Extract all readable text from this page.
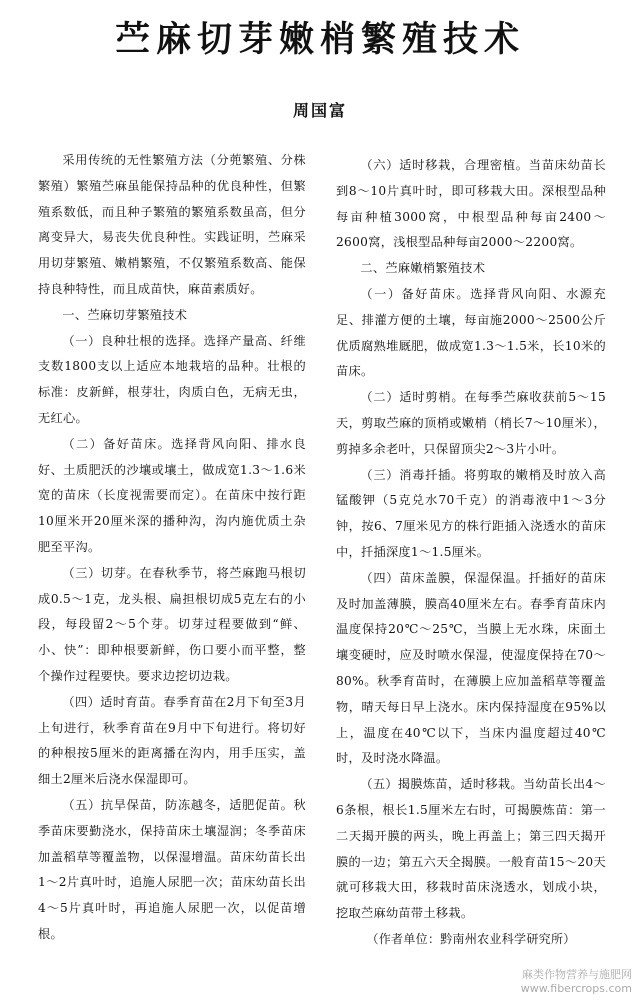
苎麻切芽嫩梢繁殖技术
周国富

采用传统的无性繁殖方法（分蔸繁殖、分株繁殖）繁殖苎麻虽能保持品种的优良种性，但繁殖系数低，而且种子繁殖的繁殖系数虽高，但分离变异大，易丧失优良种性。实践证明，苎麻采用切芽繁殖、嫩梢繁殖，不仅繁殖系数高、能保持良种特性，而且成苗快，麻苗素质好。

一、苎麻切芽繁殖技术

（一）良种壮根的选择。选择产量高、纤维支数1800支以上适应本地栽培的品种。壮根的标准：皮新鲜，根芽壮，肉质白色，无病无虫，无红心。

（二）备好苗床。选择背风向阳、排水良好、土质肥沃的沙壤或壤土，做成宽1.3～1.6米宽的苗床（长度视需要而定）。在苗床中按行距10厘米开20厘米深的播种沟，沟内施优质土杂肥至平沟。

（三）切芽。在春秋季节，将苎麻跑马根切成0.5～1克，龙头根、扁担根切成5克左右的小段，每段留2～5个芽。切芽过程要做到“鲜、小、快”：即种根要新鲜，伤口要小而平整，整个操作过程要快。要求边挖切边栽。

（四）适时育苗。春季育苗在2月下旬至3月上旬进行，秋季育苗在9月中下旬进行。将切好的种根按5厘米的距离播在沟内，用手压实，盖细土2厘米后浇水保湿即可。

（五）抗旱保苗，防冻越冬，适肥促苗。秋季苗床要勤浇水，保持苗床土壤湿润；冬季苗床加盖稻草等覆盖物，以保湿增温。苗床幼苗长出1～2片真叶时，追施人尿肥一次；苗床幼苗长出4～5片真叶时，再追施人尿肥一次，以促苗增根。

（六）适时移栽，合理密植。当苗床幼苗长到8～10片真叶时，即可移栽大田。深根型品种每亩种植3000窝，中根型品种每亩2400～2600窝，浅根型品种每亩2000～2200窝。

二、苎麻嫩梢繁殖技术

（一）备好苗床。选择背风向阳、水源充足、排灌方便的土壤，每亩施2000～2500公斤优质腐熟堆厩肥，做成宽1.3～1.5米，长10米的苗床。

（二）适时剪梢。在每季苎麻收获前5～15天，剪取苎麻的顶梢或嫩梢（梢长7～10厘米），剪掉多余老叶，只保留顶尖2～3片小叶。

（三）消毒扦插。将剪取的嫩梢及时放入高锰酸钾（5克兑水70千克）的消毒液中1～3分钟，按6、7厘米见方的株行距插入浇透水的苗床中，扦插深度1～1.5厘米。

（四）苗床盖膜，保湿保温。扦插好的苗床及时加盖薄膜，膜高40厘米左右。春季育苗床内温度保持20℃～25℃，当膜上无水珠，床面土壤变硬时，应及时喷水保湿，使湿度保持在70～80%。秋季育苗时，在薄膜上应加盖稻草等覆盖物，晴天每日早上浇水。床内保持湿度在95%以上，温度在40℃以下，当床内温度超过40℃时，及时浇水降温。

（五）揭膜炼苗，适时移栽。当幼苗长出4～6条根，根长1.5厘米左右时，可揭膜炼苗：第一二天揭开膜的两头，晚上再盖上；第三四天揭开膜的一边；第五六天全揭膜。一般育苗15～20天就可移栽大田，移栽时苗床浇透水，划成小块，挖取苎麻幼苗带土移栽。

（作者单位：黔南州农业科学研究所）

麻类作物营养与施肥网
www.fibercrops.com
